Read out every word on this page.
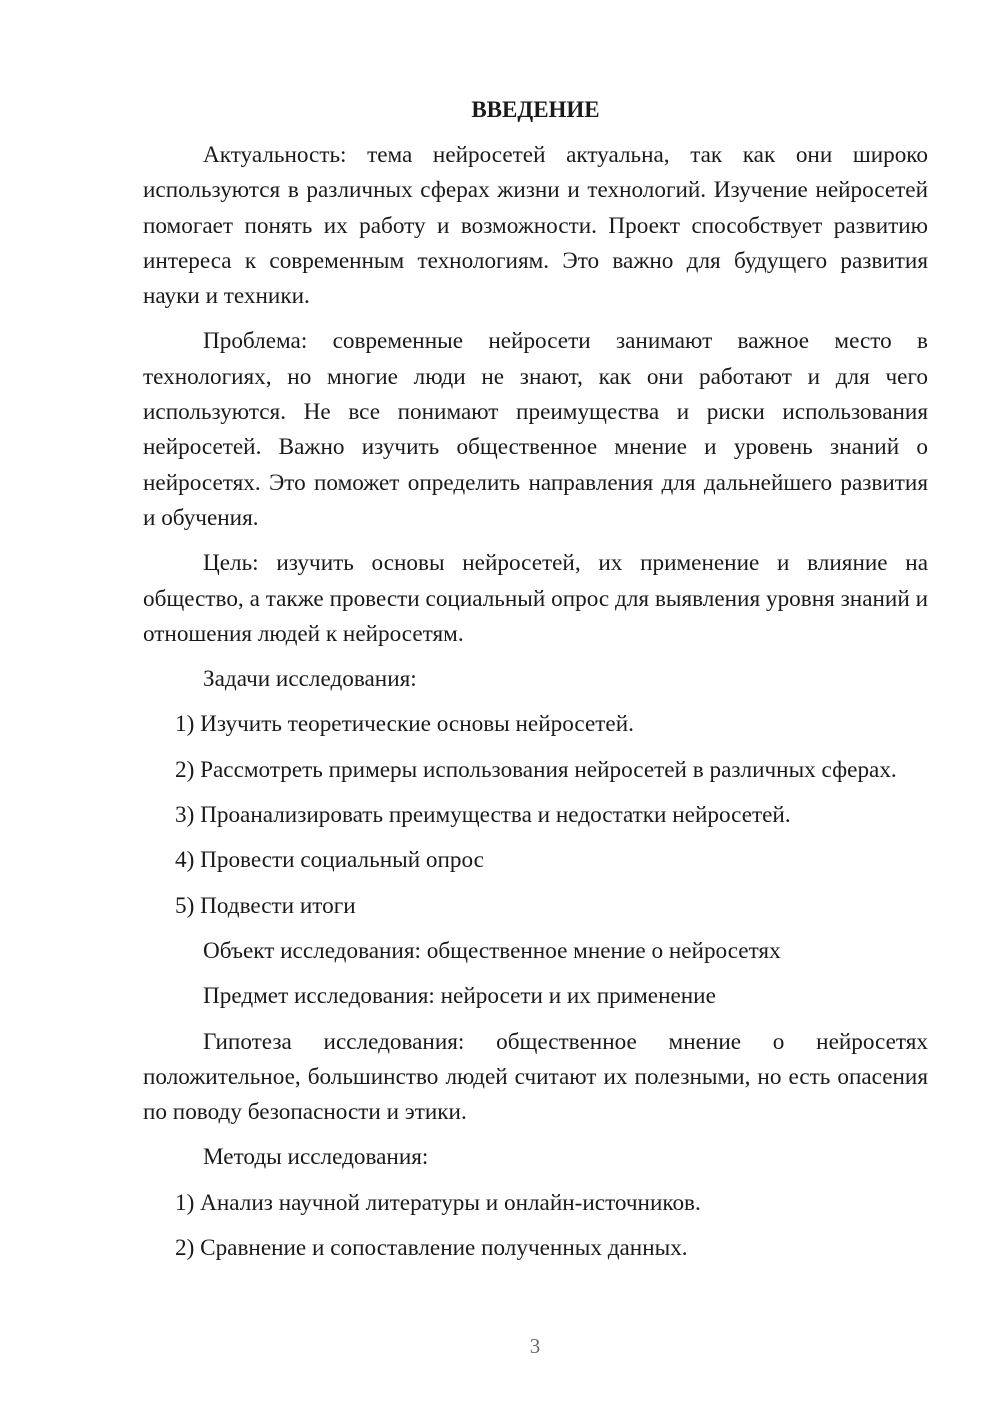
ВВЕДЕНИЕ

Актуальность: тема нейросетей актуальна, так как они широко используются в различных сферах жизни и технологий. Изучение нейросетей помогает понять их работу и возможности. Проект способствует развитию интереса к современным технологиям. Это важно для будущего развития науки и техники.

Проблема: современные нейросети занимают важное место в технологиях, но многие люди не знают, как они работают и для чего используются. Не все понимают преимущества и риски использования нейросетей. Важно изучить общественное мнение и уровень знаний о нейросетях. Это поможет определить направления для дальнейшего развития и обучения.

Цель: изучить основы нейросетей, их применение и влияние на общество, а также провести социальный опрос для выявления уровня знаний и отношения людей к нейросетям.

Задачи исследования:

1) Изучить теоретические основы нейросетей.

2) Рассмотреть примеры использования нейросетей в различных сферах.

3) Проанализировать преимущества и недостатки нейросетей.

4) Провести социальный опрос

5) Подвести итоги

Объект исследования: общественное мнение о нейросетях

Предмет исследования: нейросети и их применение

Гипотеза исследования: общественное мнение о нейросетях положительное, большинство людей считают их полезными, но есть опасения по поводу безопасности и этики.

Методы исследования:

1) Анализ научной литературы и онлайн-источников.

2) Сравнение и сопоставление полученных данных.

3
